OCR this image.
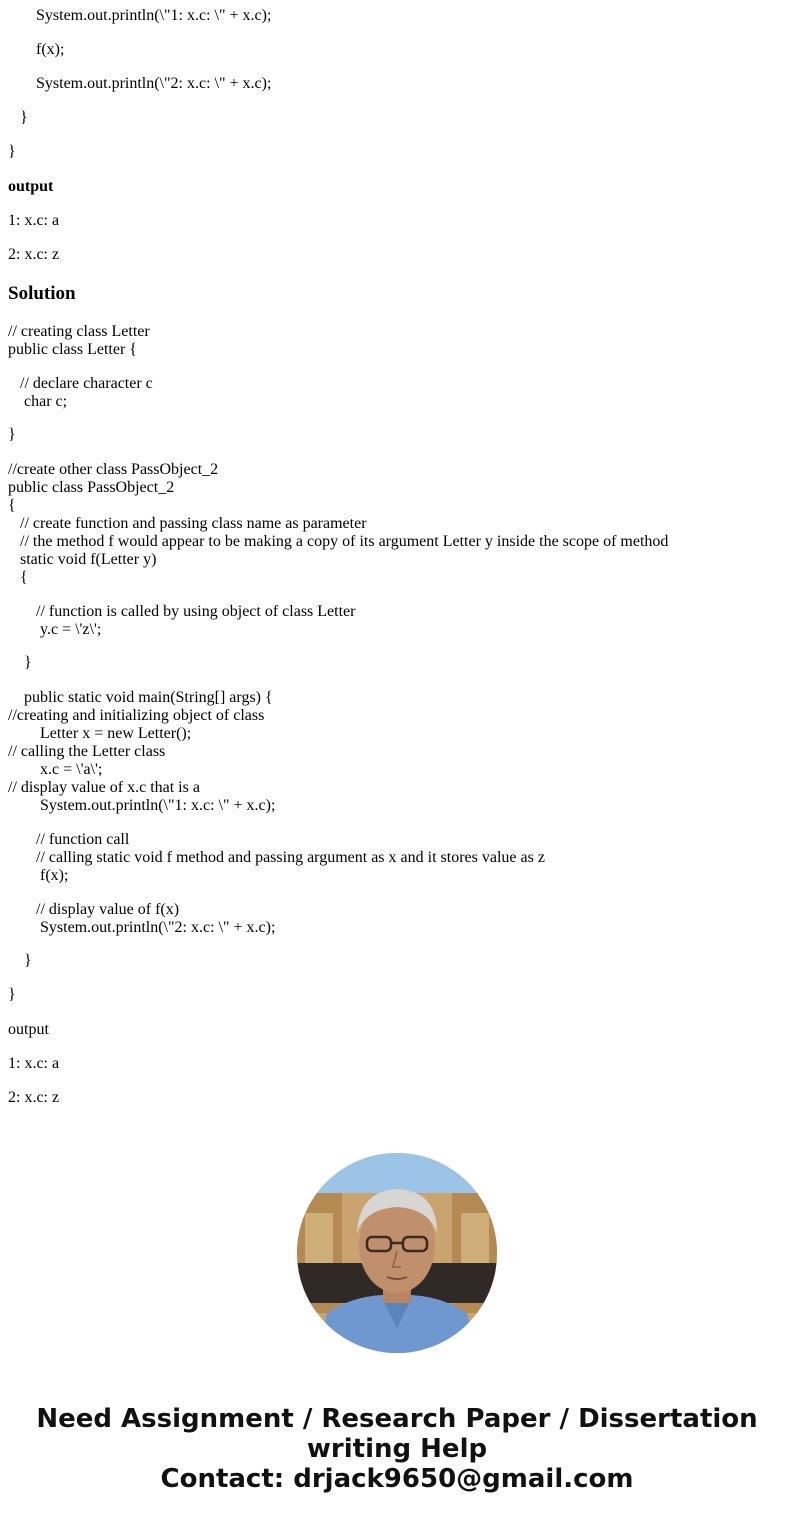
System.out.println(\"1: x.c: \" + x.c);
f(x);
System.out.println(\"2: x.c: \" + x.c);
}
}
output
1: x.c: a
2: x.c: z
Solution
// creating class Letter
public class Letter {
// declare character c
char c;
}
//create other class PassObject_2
public class PassObject_2
{
// create function and passing class name as parameter
// the method f would appear to be making a copy of its argument Letter y inside the scope of method
static void f(Letter y)
{
// function is called by using object of class Letter
y.c = \'z\';
}
public static void main(String[] args) {
//creating and initializing object of class
Letter x = new Letter();
// calling the Letter class
x.c = \'a\';
// display value of x.c that is a
System.out.println(\"1: x.c: \" + x.c);
// function call
// calling static void f method and passing argument as x and it stores value as z
f(x);
// display value of f(x)
System.out.println(\"2: x.c: \" + x.c);
}
}
output
1: x.c: a
2: x.c: z
Need Assignment / Research Paper / Dissertation
writing Help
Contact: drjack9650@gmail.com
